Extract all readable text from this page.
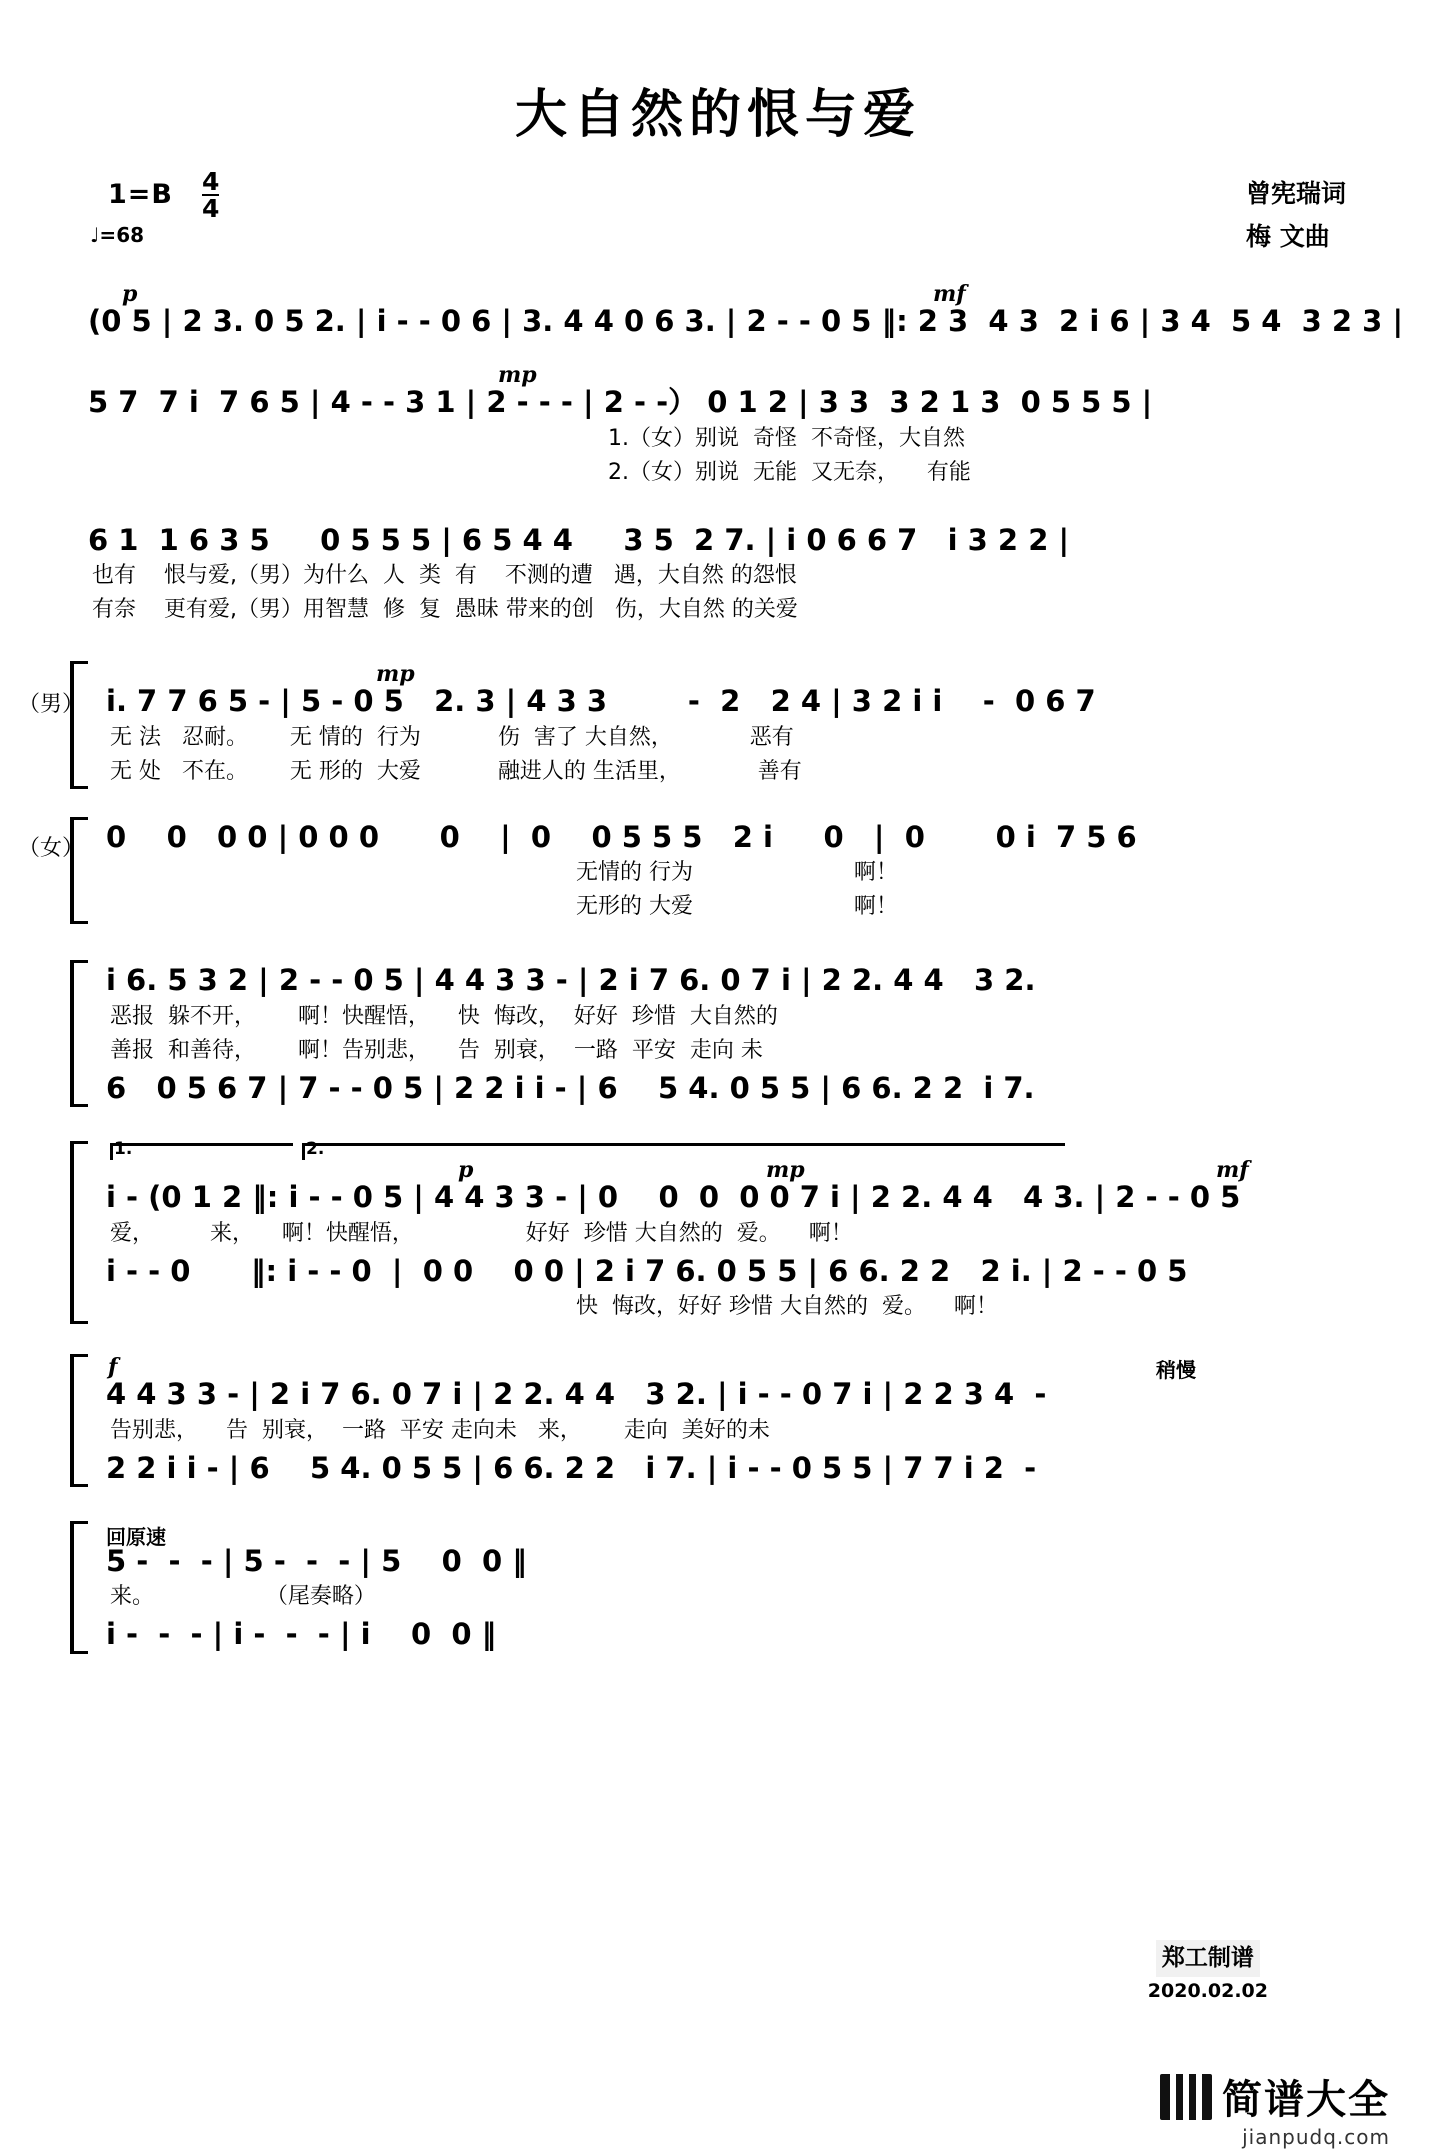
大自然的恨与爱
$1=B \frac{4}{4}$
♩=68
曾宪瑞词
梅 文曲
p	mf
(0 5 | 2 3. 0 5 2. | i - - 0 6 | 3. 4 4 0 6 3. | 2 - - 0 5 ‖: 2 3  4 3  2 i 6 | 3 4  5 4  3 2 3 |
mp
5 7  7 i  7 6 5 | 4 - - 3 1 | 2 - - - | 2 - -） 0 1 2 | 3 3  3 2 1 3  0 5 5 5 |
1.（女）别说  奇怪  不奇怪，大自然
2.（女）别说  无能  又无奈，    有能
6 1  1 6 3 5     0 5 5 5 | 6 5 4 4     3 5  2 7. | i 0 6 6 7   i 3 2 2 |
也有    恨与爱,（男）为什么  人  类  有    不测的遭   遇，大自然 的怨恨
有奈    更有爱,（男）用智慧  修  复  愚昧 带来的创   伤，大自然 的关爱
（男）
mp
i. 7 7 6 5 - | 5 - 0 5   2. 3 | 4 3 3        -  2   2 4 | 3 2 i i    -  0 6 7
无 法   忍耐。      无 情的  行为           伤  害了 大自然，           恶有
无 处   不在。      无 形的  大爱           融进人的 生活里，           善有
（女） 0    0   0 0 | 0 0 0      0    |  0    0 5 5 5   2 i     0   |  0       0 i  7 5 6
无情的 行为                       啊！
无形的 大爱                       啊！
i 6. 5 3 2 | 2 - - 0 5 | 4 4 3 3 - | 2 i 7 6. 0 7 i | 2 2. 4 4   3 2.
恶报  躲不开，      啊！快醒悟，    快  悔改，  好好  珍惜  大自然的
善报  和善待，      啊！告别悲，    告  别衰，  一路  平安  走向 未
6   0 5 6 7 | 7 - - 0 5 | 2 2 i i - | 6    5 4. 0 5 5 | 6 6. 2 2  i 7.
1.	2.
p	mp	mf
i - (0 1 2 ‖: i - - 0 5 | 4 4 3 3 - | 0    0  0  0 0 7 i | 2 2. 4 4   4 3. | 2 - - 0 5
爱，        来，    啊！快醒悟，                好好  珍惜 大自然的  爱。    啊！
i - - 0      ‖: i - - 0  |  0 0    0 0 | 2 i 7 6. 0 5 5 | 6 6. 2 2   2 i. | 2 - - 0 5
快  悔改，好好 珍惜 大自然的  爱。    啊！
f	稍慢
4 4 3 3 - | 2 i 7 6. 0 7 i | 2 2. 4 4   3 2. | i - - 0 7 i | 2 2 3 4  -
告别悲，    告  别衰，  一路  平安 走向未   来，      走向  美好的未
2 2 i i - | 6    5 4. 0 5 5 | 6 6. 2 2   i 7. | i - - 0 5 5 | 7 7 i 2  -
回原速
5 -  -  - | 5 -  -  - | 5    0  0 ‖
来。                （尾奏略）
i -  -  - | i -  -  - | i    0  0 ‖
郑工制谱
2020.02.02
简谱大全
jianpudq.com
